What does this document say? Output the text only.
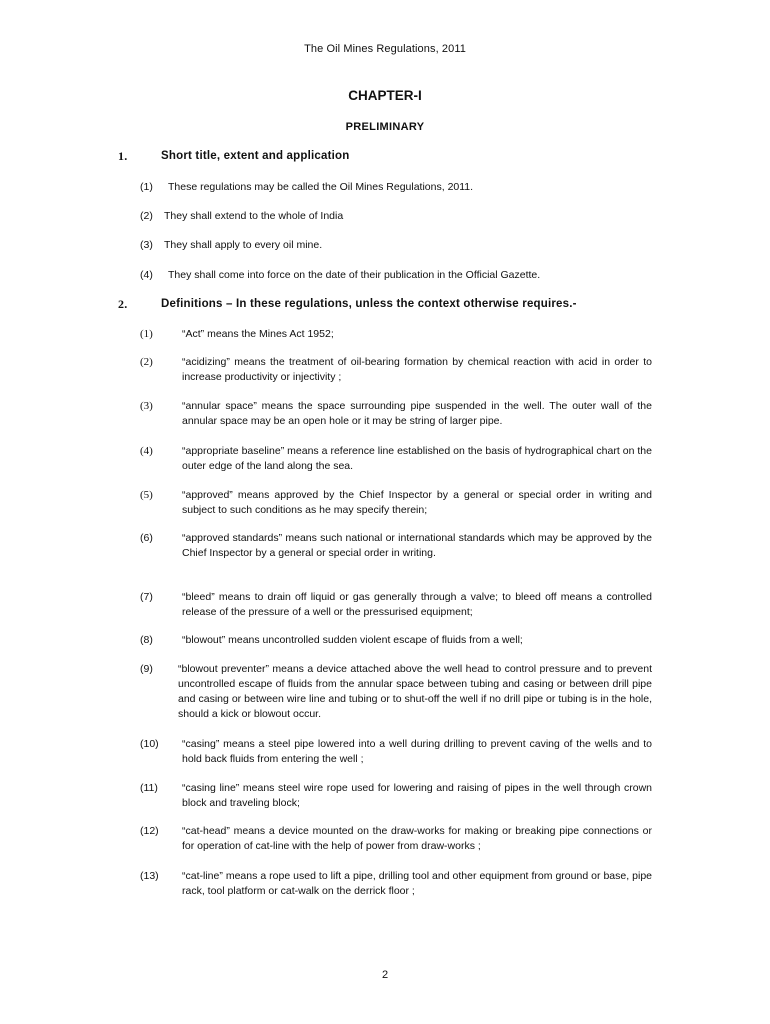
The Oil Mines Regulations, 2011
CHAPTER-I
PRELIMINARY
1.	Short title, extent and application
(1)	These regulations may be called the Oil Mines Regulations, 2011.
(2)	They shall extend to the whole of India
(3)	They shall apply to every oil mine.
(4)	They shall come into force on the date of their publication in the Official Gazette.
2.	Definitions – In these regulations, unless the context otherwise requires.-
(1)	“Act” means the Mines Act 1952;
(2)	“acidizing” means the treatment of oil-bearing formation by chemical reaction with acid in order to increase productivity or injectivity ;
(3)	“annular space” means the space surrounding pipe suspended in the well. The outer wall of the annular space may be an open hole or it may be string of larger pipe.
(4)	“appropriate baseline” means a reference line established on the basis of hydrographical chart on the outer edge of the land along the sea.
(5)	“approved” means approved by the Chief Inspector by a general or special order in writing and subject to such conditions as he may specify therein;
(6)	“approved standards” means such national or international standards which may be approved by the Chief Inspector by a general or special order in writing.
(7)	“bleed” means to drain off liquid or gas generally through a valve; to bleed off means a controlled release of the pressure of a well or the pressurised equipment;
(8)	“blowout” means uncontrolled sudden violent escape of fluids from a well;
(9)	“blowout preventer” means a device attached above the well head to control pressure and to prevent uncontrolled escape of fluids from the annular space between tubing and casing or between drill pipe and casing or between wire line and tubing or to shut-off the well if no drill pipe or tubing is in the hole, should a kick or blowout occur.
(10)	“casing” means a steel pipe lowered into a well during drilling to prevent caving of the wells and to hold back fluids from entering the well ;
(11)	“casing line” means steel wire rope used for lowering and raising of pipes in the well through crown block and traveling block;
(12)	“cat-head” means a device mounted on the draw-works for making or breaking pipe connections or for operation of cat-line with the help of power from draw-works ;
(13)	“cat-line” means a rope used to lift a pipe, drilling tool and other equipment from ground or base, pipe rack, tool platform or cat-walk on the derrick floor ;
2
